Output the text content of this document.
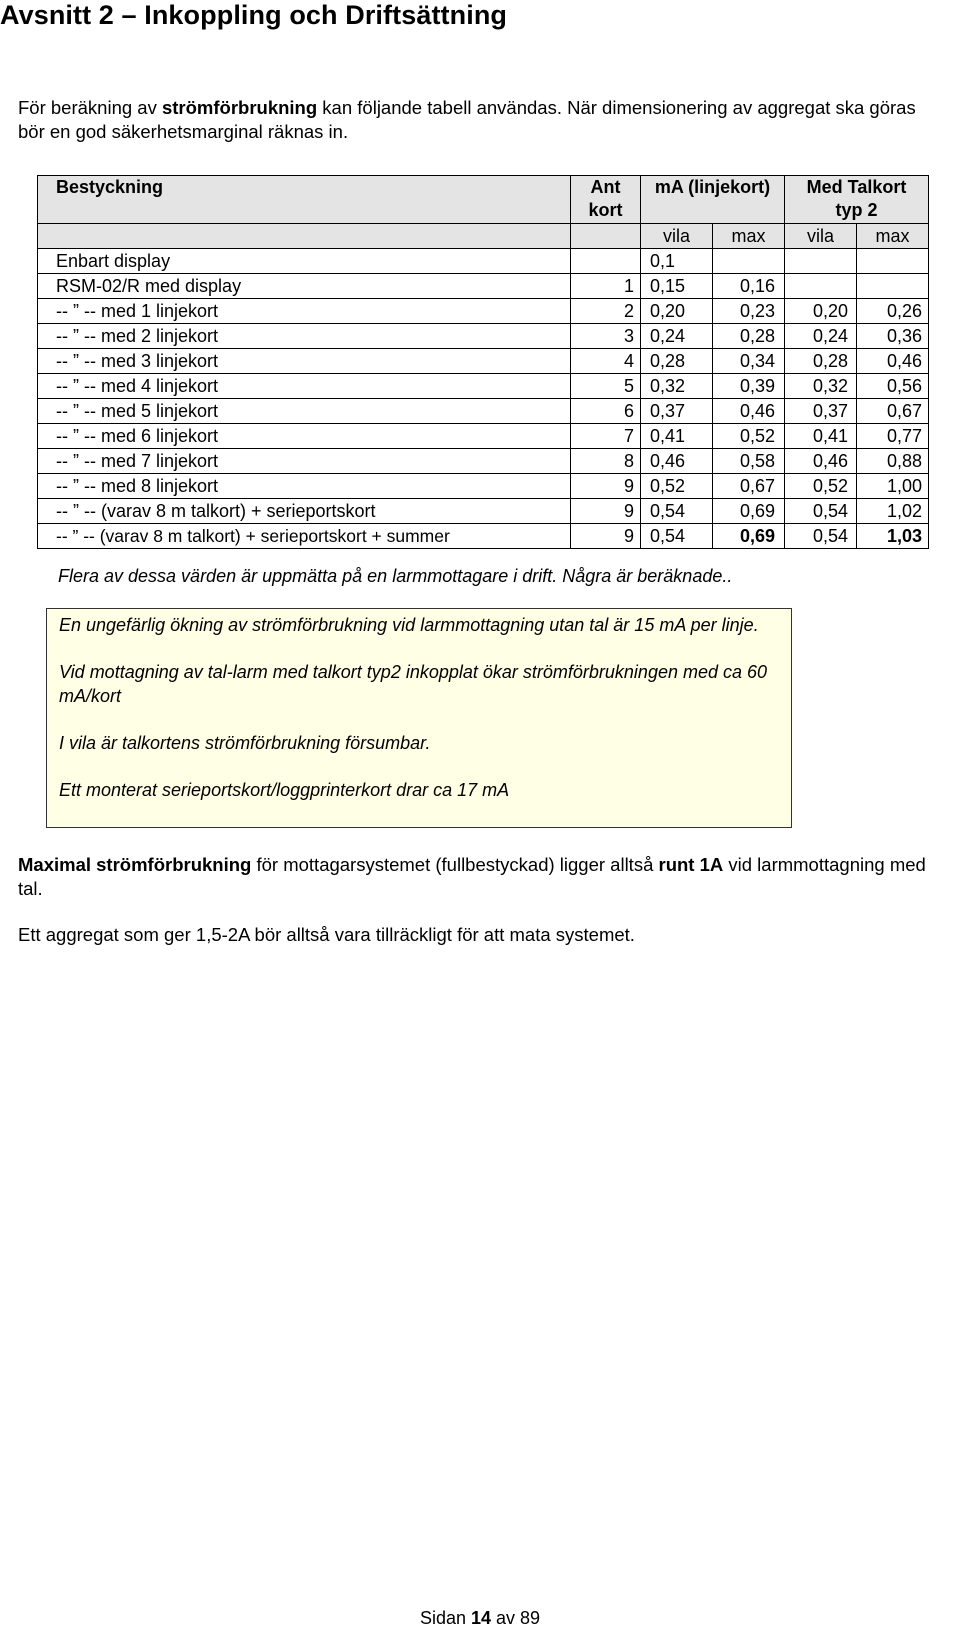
Avsnitt 2 – Inkoppling och Driftsättning
För beräkning av strömförbrukning kan följande tabell användas. När dimensionering av aggregat ska göras bör en god säkerhetsmarginal räknas in.
Bestyckning	Ant kort	mA (linjekort)		Med Talkort typ 2	
		vila	max	vila	max
Enbart display		0,1			
RSM-02/R med display	1	0,15	0,16		
-- ” -- med 1 linjekort	2	0,20	0,23	0,20	0,26
-- ” -- med 2 linjekort	3	0,24	0,28	0,24	0,36
-- ” -- med 3 linjekort	4	0,28	0,34	0,28	0,46
-- ” -- med 4 linjekort	5	0,32	0,39	0,32	0,56
-- ” -- med 5 linjekort	6	0,37	0,46	0,37	0,67
-- ” -- med 6 linjekort	7	0,41	0,52	0,41	0,77
-- ” -- med 7 linjekort	8	0,46	0,58	0,46	0,88
-- ” -- med 8 linjekort	9	0,52	0,67	0,52	1,00
-- ” -- (varav 8 m talkort) + serieportskort	9	0,54	0,69	0,54	1,02
-- ” -- (varav 8 m talkort) + serieportskort + summer	9	0,54	0,69	0,54	1,03
Flera av dessa värden är uppmätta på en larmmottagare i drift. Några är beräknade..

En ungefärlig ökning av strömförbrukning vid larmmottagning utan tal är 15 mA per linje.

Vid mottagning av tal-larm med talkort typ2 inkopplat ökar strömförbrukningen med ca 60 mA/kort

I vila är talkortens strömförbrukning försumbar.

Ett monterat serieportskort/loggprinterkort drar ca 17 mA

Maximal strömförbrukning för mottagarsystemet (fullbestyckad) ligger alltså runt 1A vid larmmottagning med tal.
Ett aggregat som ger 1,5-2A bör alltså vara tillräckligt för att mata systemet.
Sidan 14 av 89
